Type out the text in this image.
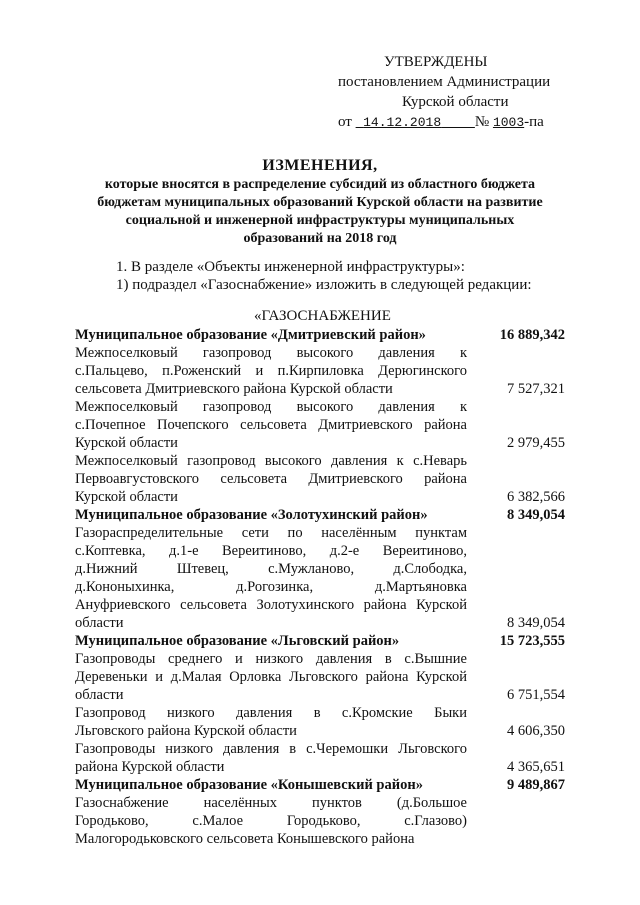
УТВЕРЖДЕНЫ
постановлением Администрации
Курской области
от 14.12.2018 № 1003-па
ИЗМЕНЕНИЯ,
которые вносятся в распределение субсидий из областного бюджета
бюджетам муниципальных образований Курской области на развитие
социальной и инженерной инфраструктуры муниципальных
образований на 2018 год
1. В разделе «Объекты инженерной инфраструктуры»:
1) подраздел «Газоснабжение» изложить в следующей редакции:
«ГАЗОСНАБЖЕНИЕ
Муниципальное образование «Дмитриевский район»	16 889,342
Межпоселковый газопровод высокого давления к
с.Пальцево, п.Роженский и п.Кирпиловка Дерюгинского
сельсовета Дмитриевского района Курской области	7 527,321
Межпоселковый газопровод высокого давления к
с.Почепное Почепского сельсовета Дмитриевского района
Курской области	2 979,455
Межпоселковый газопровод высокого давления к с.Неварь
Первоавгустовского сельсовета Дмитриевского района
Курской области	6 382,566
Муниципальное образование «Золотухинский район»	8 349,054
Газораспределительные сети по населённым пунктам
с.Коптевка, д.1-е Вереитиново, д.2-е Вереитиново,
д.Нижний Штевец, с.Мужланово, д.Слободка,
д.Кононыхинка, д.Рогозинка, д.Мартьяновка
Ануфриевского сельсовета Золотухинского района Курской
области	8 349,054
Муниципальное образование «Льговский район»	15 723,555
Газопроводы среднего и низкого давления в с.Вышние
Деревеньки и д.Малая Орловка Льговского района Курской
области	6 751,554
Газопровод низкого давления в с.Кромские Быки
Льговского района Курской области	4 606,350
Газопроводы низкого давления в с.Черемошки Льговского
района Курской области	4 365,651
Муниципальное образование «Конышевский район»	9 489,867
Газоснабжение населённых пунктов (д.Большое
Городьково, с.Малое Городьково, с.Глазово)
Малогородьковского сельсовета Конышевского района
